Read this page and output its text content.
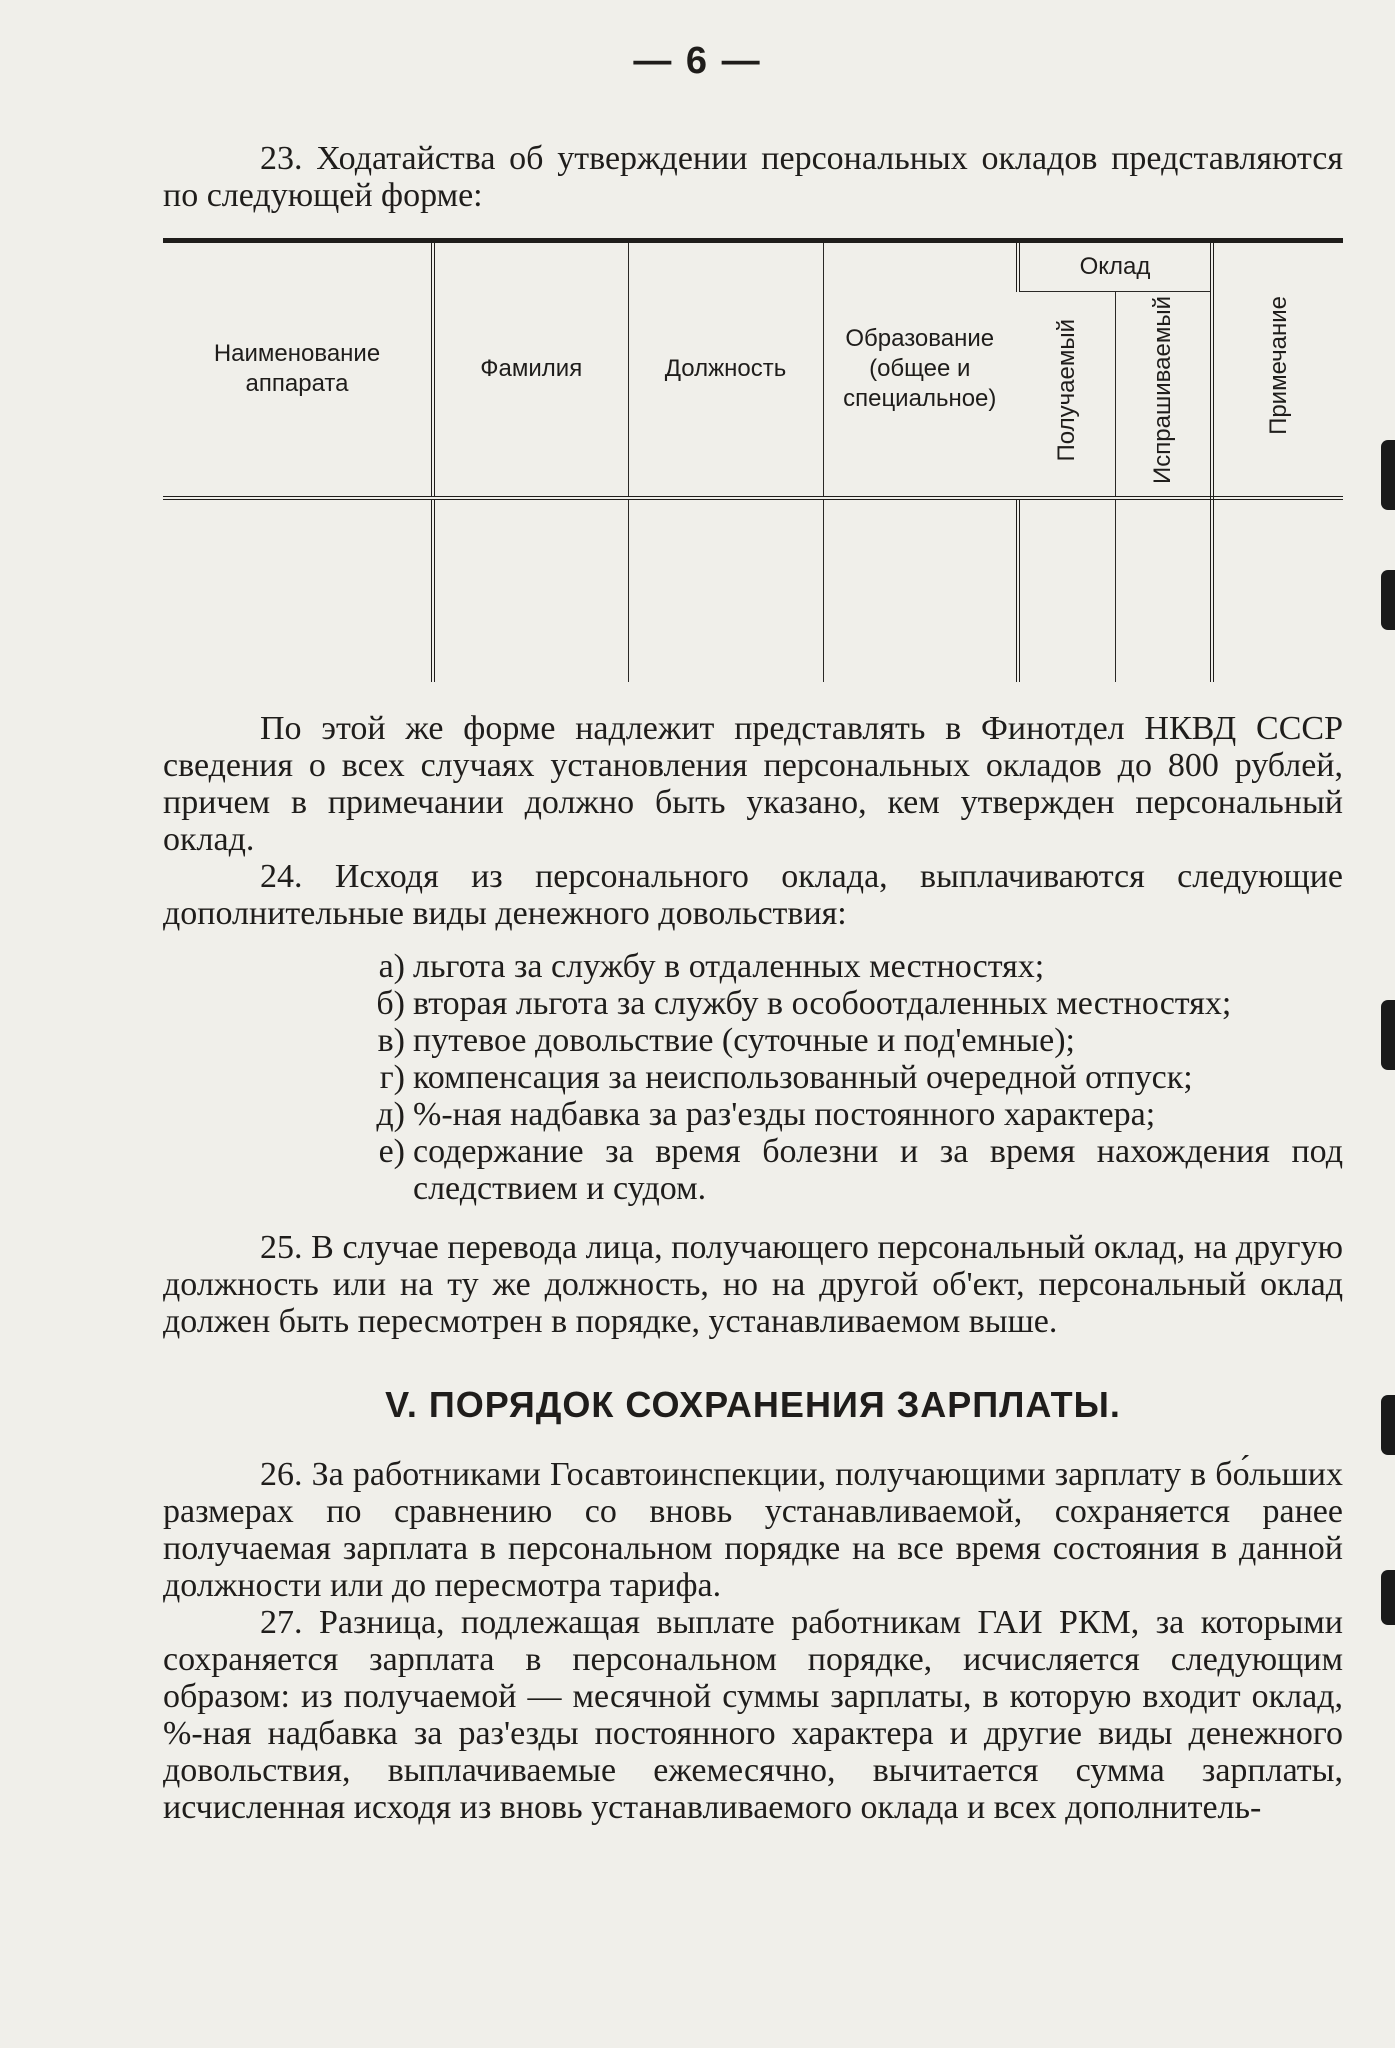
— 6 —

23. Ходатайства об утверждении персональных окладов представляются по следующей форме:

Наименование аппарата	Фамилия	Должность	Образование (общее и специальное)	Оклад		Примечание
				Получаемый	Испрашиваемый	

По этой же форме надлежит представлять в Финотдел НКВД СССР сведения о всех случаях установления персональных окладов до 800 рублей, причем в примечании должно быть указано, кем утвержден персональный оклад.

24. Исходя из персонального оклада, выплачиваются следующие дополнительные виды денежного довольствия:

а) льгота за службу в отдаленных местностях;
б) вторая льгота за службу в особоотдаленных местностях;
в) путевое довольствие (суточные и под'емные);
г) компенсация за неиспользованный очередной отпуск;
д) %-ная надбавка за раз'езды постоянного характера;
е) содержание за время болезни и за время нахождения под следствием и судом.

25. В случае перевода лица, получающего персональный оклад, на другую должность или на ту же должность, но на другой об'ект, персональный оклад должен быть пересмотрен в порядке, устанавливаемом выше.

V. ПОРЯДОК СОХРАНЕНИЯ ЗАРПЛАТЫ.

26. За работниками Госавтоинспекции, получающими зарплату в бо́льших размерах по сравнению со вновь устанавливаемой, сохраняется ранее получаемая зарплата в персональном порядке на все время состояния в данной должности или до пересмотра тарифа.

27. Разница, подлежащая выплате работникам ГАИ РКМ, за которыми сохраняется зарплата в персональном порядке, исчисляется следующим образом: из получаемой — месячной суммы зарплаты, в которую входит оклад, %-ная надбавка за раз'езды постоянного характера и другие виды денежного довольствия, выплачиваемые ежемесячно, вычитается сумма зарплаты, исчисленная исходя из вновь устанавливаемого оклада и всех дополнитель-
